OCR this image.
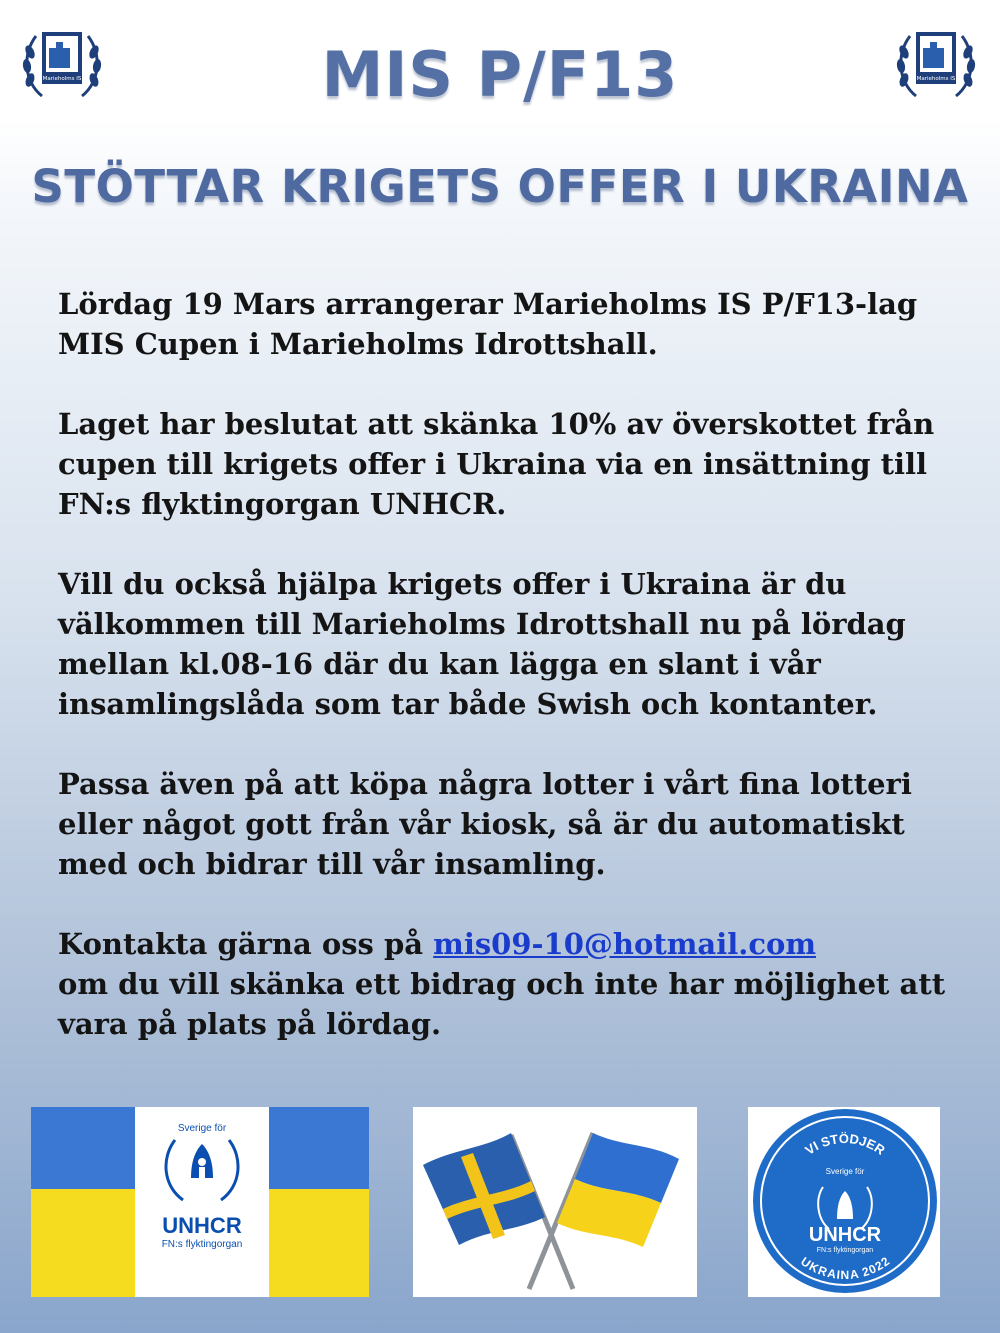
Marieholms IS	Marieholms IS
MIS P/F13
STÖTTAR KRIGETS OFFER I UKRAINA

Lördag 19 Mars arrangerar Marieholms IS P/F13-lag MIS Cupen i Marieholms Idrottshall.

Laget har beslutat att skänka 10% av överskottet från cupen till krigets offer i Ukraina via en insättning till FN:s flyktingorgan UNHCR.

Vill du också hjälpa krigets offer i Ukraina är du välkommen till Marieholms Idrottshall nu på lördag mellan kl.08-16 där du kan lägga en slant i vår insamlingslåda som tar både Swish och kontanter.

Passa även på att köpa några lotter i vårt fina lotteri eller något gott från vår kiosk, så är du automatiskt med och bidrar till vår insamling.

Kontakta gärna oss på mis09-10@hotmail.com
om du vill skänka ett bidrag och inte har möjlighet att vara på plats på lördag.

Sverige för
UNHCR
FN:s flyktingorgan
VI STÖDJER
UKRAINA 2022
Sverige för
UNHCR
FN:s flyktingorgan
